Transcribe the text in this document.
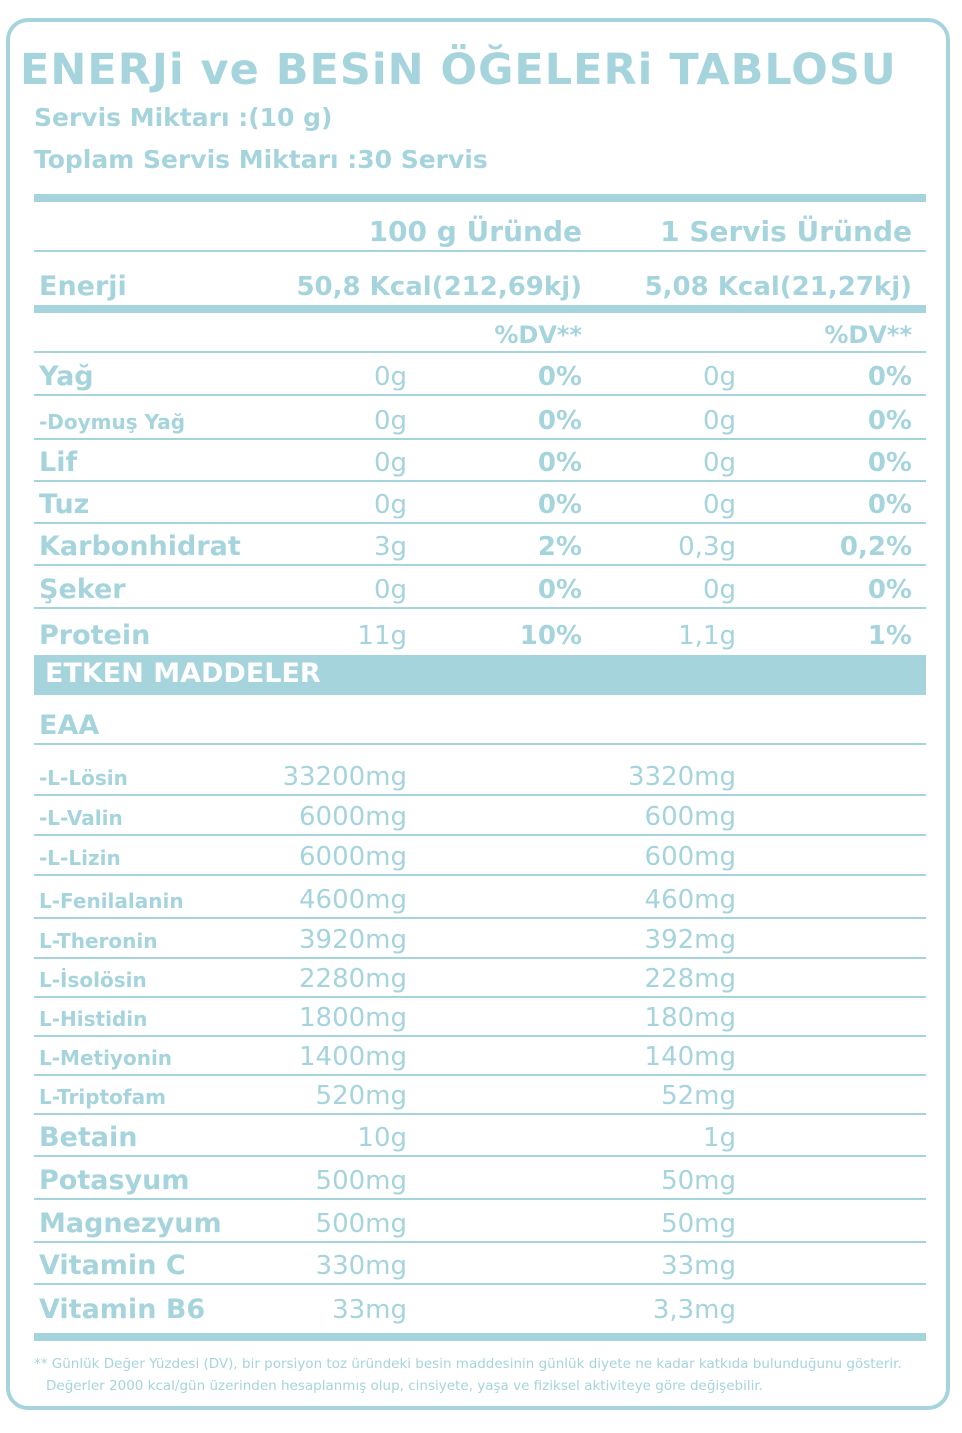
ENERJi ve BESiN ÖĞELERi TABLOSU
Servis Miktarı :(10 g)
Toplam Servis Miktarı :30 Servis
100 g Üründe	1 Servis Üründe
Enerji	50,8 Kcal(212,69kj) 5,08 Kcal(21,27kj)
%DV**	%DV**
Yağ	0g	0%	0g	0%
-Doymuş Yağ	0g	0%	0g	0%
Lif	0g	0%	0g	0%
Tuz	0g	0%	0g	0%
Karbonhidrat	3g	2%	0,3g	0,2%
Şeker	0g	0%	0g	0%
Protein	11g	10%	1,1g	1%
ETKEN MADDELER
EAA
-L-Lösin	33200mg	3320mg
-L-Valin	6000mg	600mg
-L-Lizin	6000mg	600mg
L-Fenilalanin	4600mg	460mg
L-Theronin	3920mg	392mg
L-İsolösin	2280mg	228mg
L-Histidin	1800mg	180mg
L-Metiyonin	1400mg	140mg
L-Triptofam	520mg	52mg
Betain	10g	1g
Potasyum	500mg	50mg
Magnezyum	500mg	50mg
Vitamin C	330mg	33mg
Vitamin B6	33mg	3,3mg
** Günlük Değer Yüzdesi (DV), bir porsiyon toz üründeki besin maddesinin günlük diyete ne kadar katkıda bulunduğunu gösterir.
Değerler 2000 kcal/gün üzerinden hesaplanmış olup, cinsiyete, yaşa ve fiziksel aktiviteye göre değişebilir.
